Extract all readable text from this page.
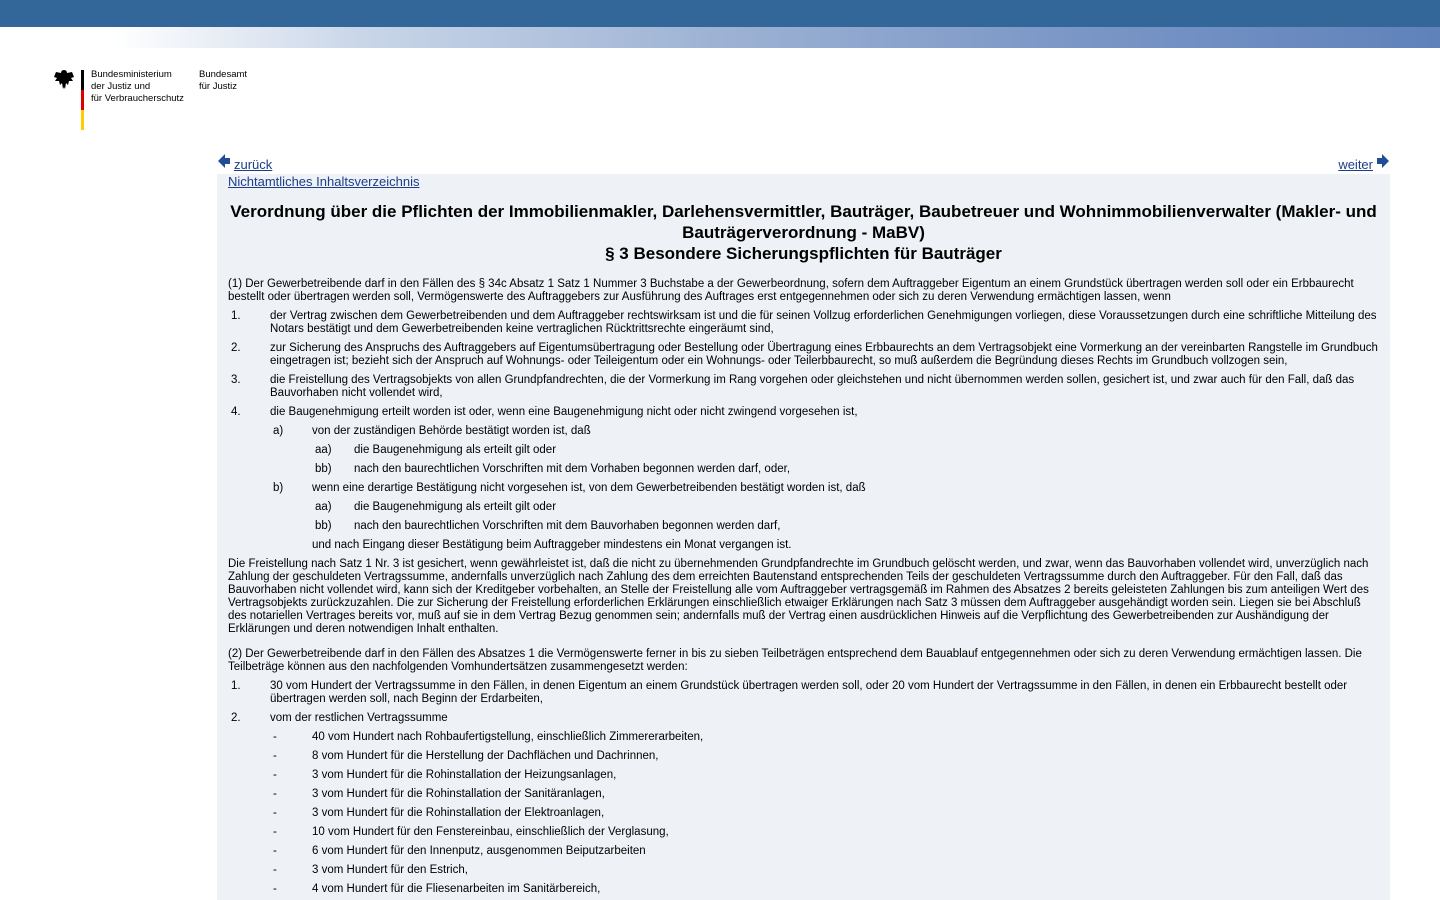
Bundesministerium
der Justiz und
für Verbraucherschutz
Bundesamt
für Justiz
zurück	weiter
Nichtamtliches Inhaltsverzeichnis
Verordnung über die Pflichten der Immobilienmakler, Darlehensvermittler, Bauträger, Baubetreuer und Wohnimmobilienverwalter (Makler- und Bauträgerverordnung - MaBV)
§ 3 Besondere Sicherungspflichten für Bauträger

(1) Der Gewerbetreibende darf in den Fällen des § 34c Absatz 1 Satz 1 Nummer 3 Buchstabe a der Gewerbeordnung, sofern dem Auftraggeber Eigentum an einem Grundstück übertragen werden soll oder ein Erbbaurecht bestellt oder übertragen werden soll, Vermögenswerte des Auftraggebers zur Ausführung des Auftrages erst entgegennehmen oder sich zu deren Verwendung ermächtigen lassen, wenn

1.	der Vertrag zwischen dem Gewerbetreibenden und dem Auftraggeber rechtswirksam ist und die für seinen Vollzug erforderlichen Genehmigungen vorliegen, diese Voraussetzungen durch eine schriftliche Mitteilung des Notars bestätigt und dem Gewerbetreibenden keine vertraglichen Rücktrittsrechte eingeräumt sind,
2.	zur Sicherung des Anspruchs des Auftraggebers auf Eigentumsübertragung oder Bestellung oder Übertragung eines Erbbaurechts an dem Vertragsobjekt eine Vormerkung an der vereinbarten Rangstelle im Grundbuch eingetragen ist; bezieht sich der Anspruch auf Wohnungs- oder Teileigentum oder ein Wohnungs- oder Teilerbbaurecht, so muß außerdem die Begründung dieses Rechts im Grundbuch vollzogen sein,
3.	die Freistellung des Vertragsobjekts von allen Grundpfandrechten, die der Vormerkung im Rang vorgehen oder gleichstehen und nicht übernommen werden sollen, gesichert ist, und zwar auch für den Fall, daß das Bauvorhaben nicht vollendet wird,
4.	die Baugenehmigung erteilt worden ist oder, wenn eine Baugenehmigung nicht oder nicht zwingend vorgesehen ist,
a)	von der zuständigen Behörde bestätigt worden ist, daß
aa)	die Baugenehmigung als erteilt gilt oder
bb)	nach den baurechtlichen Vorschriften mit dem Vorhaben begonnen werden darf, oder,
b)	wenn eine derartige Bestätigung nicht vorgesehen ist, von dem Gewerbetreibenden bestätigt worden ist, daß
aa)	die Baugenehmigung als erteilt gilt oder
bb)	nach den baurechtlichen Vorschriften mit dem Bauvorhaben begonnen werden darf,
und nach Eingang dieser Bestätigung beim Auftraggeber mindestens ein Monat vergangen ist.

Die Freistellung nach Satz 1 Nr. 3 ist gesichert, wenn gewährleistet ist, daß die nicht zu übernehmenden Grundpfandrechte im Grundbuch gelöscht werden, und zwar, wenn das Bauvorhaben vollendet wird, unverzüglich nach Zahlung der geschuldeten Vertragssumme, andernfalls unverzüglich nach Zahlung des dem erreichten Bautenstand entsprechenden Teils der geschuldeten Vertragssumme durch den Auftraggeber. Für den Fall, daß das Bauvorhaben nicht vollendet wird, kann sich der Kreditgeber vorbehalten, an Stelle der Freistellung alle vom Auftraggeber vertragsgemäß im Rahmen des Absatzes 2 bereits geleisteten Zahlungen bis zum anteiligen Wert des Vertragsobjekts zurückzuzahlen. Die zur Sicherung der Freistellung erforderlichen Erklärungen einschließlich etwaiger Erklärungen nach Satz 3 müssen dem Auftraggeber ausgehändigt worden sein. Liegen sie bei Abschluß des notariellen Vertrages bereits vor, muß auf sie in dem Vertrag Bezug genommen sein; andernfalls muß der Vertrag einen ausdrücklichen Hinweis auf die Verpflichtung des Gewerbetreibenden zur Aushändigung der Erklärungen und deren notwendigen Inhalt enthalten.

(2) Der Gewerbetreibende darf in den Fällen des Absatzes 1 die Vermögenswerte ferner in bis zu sieben Teilbeträgen entsprechend dem Bauablauf entgegennehmen oder sich zu deren Verwendung ermächtigen lassen. Die Teilbeträge können aus den nachfolgenden Vomhundertsätzen zusammengesetzt werden:

1.	30 vom Hundert der Vertragssumme in den Fällen, in denen Eigentum an einem Grundstück übertragen werden soll, oder 20 vom Hundert der Vertragssumme in den Fällen, in denen ein Erbbaurecht bestellt oder übertragen werden soll, nach Beginn der Erdarbeiten,
2.	vom der restlichen Vertragssumme
-	40 vom Hundert nach Rohbaufertigstellung, einschließlich Zimmererarbeiten,
-	8 vom Hundert für die Herstellung der Dachflächen und Dachrinnen,
-	3 vom Hundert für die Rohinstallation der Heizungsanlagen,
-	3 vom Hundert für die Rohinstallation der Sanitäranlagen,
-	3 vom Hundert für die Rohinstallation der Elektroanlagen,
-	10 vom Hundert für den Fenstereinbau, einschließlich der Verglasung,
-	6 vom Hundert für den Innenputz, ausgenommen Beiputzarbeiten
-	3 vom Hundert für den Estrich,
-	4 vom Hundert für die Fliesenarbeiten im Sanitärbereich,
